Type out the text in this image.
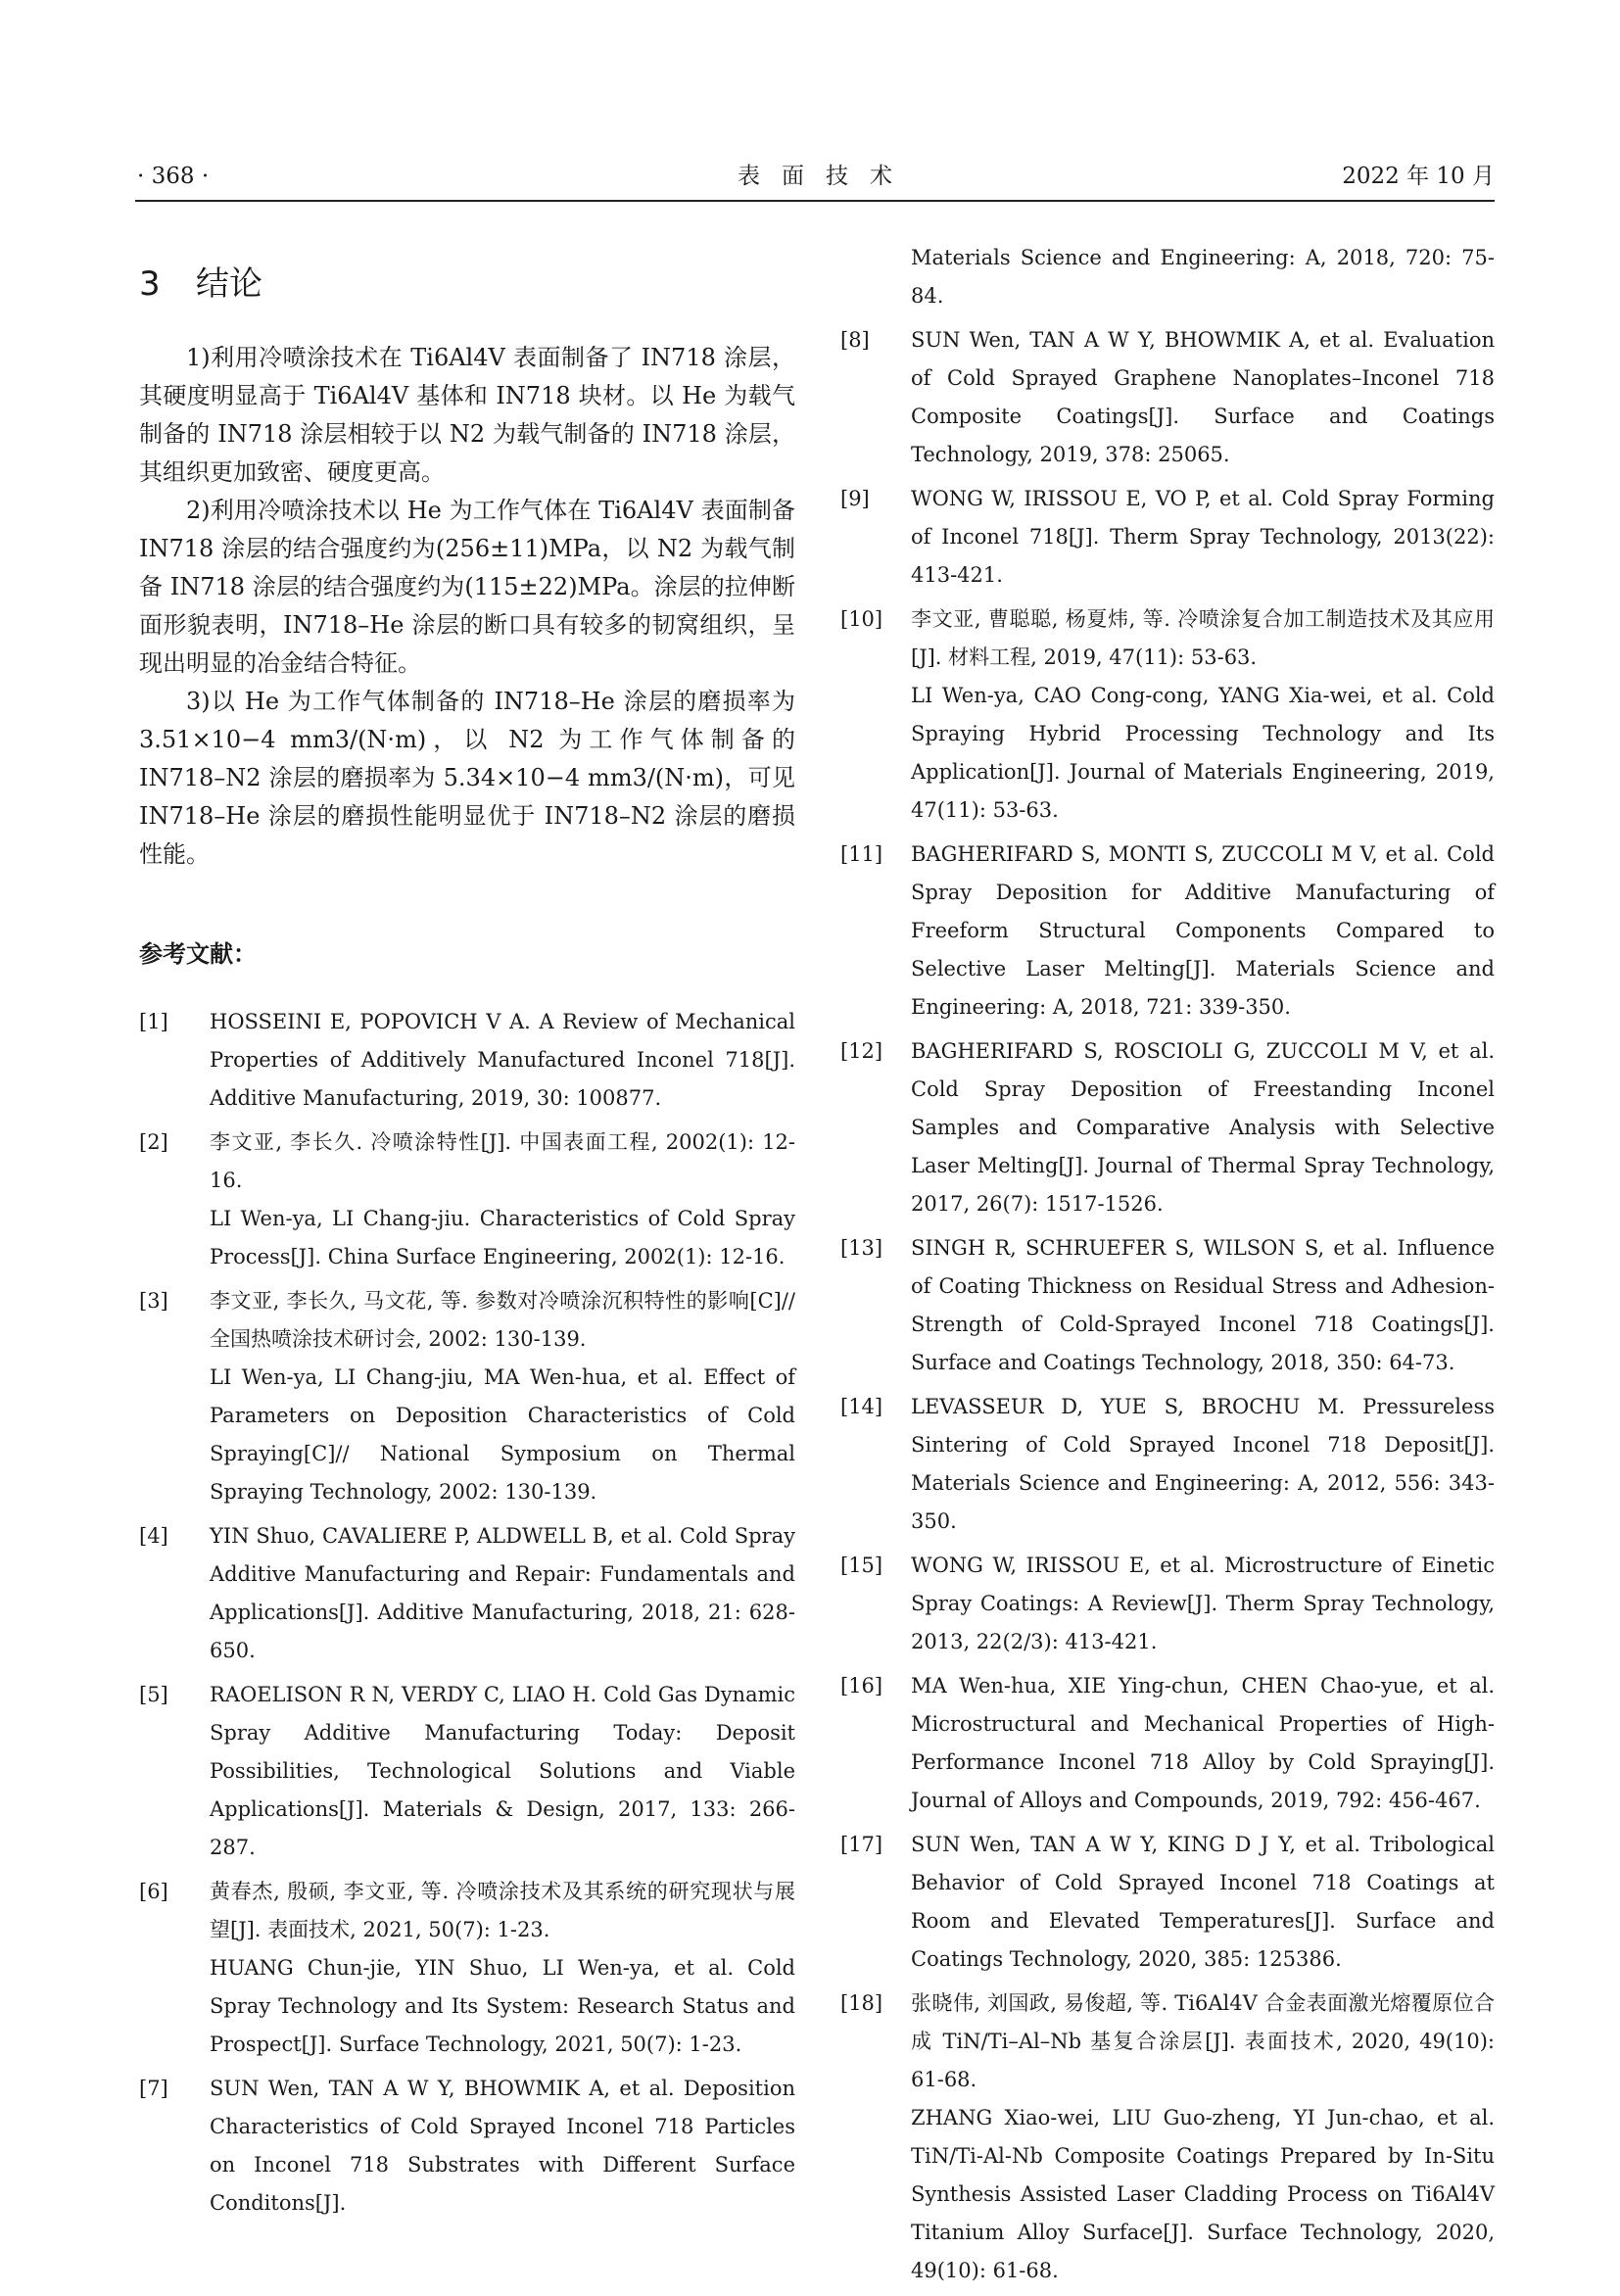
· 368 ·	表面技术	2022 年 10 月
3 结论

1)利用冷喷涂技术在 Ti6Al4V 表面制备了 IN718 涂层，其硬度明显高于 Ti6Al4V 基体和 IN718 块材。以 He 为载气制备的 IN718 涂层相较于以 N2 为载气制备的 IN718 涂层，其组织更加致密、硬度更高。

2)利用冷喷涂技术以 He 为工作气体在 Ti6Al4V 表面制备 IN718 涂层的结合强度约为(256±11)MPa，以 N2 为载气制备 IN718 涂层的结合强度约为(115±22)MPa。涂层的拉伸断面形貌表明，IN718–He 涂层的断口具有较多的韧窝组织，呈现出明显的冶金结合特征。

3)以 He 为工作气体制备的 IN718–He 涂层的磨损率为 3.51×10−4 mm3/(N·m)，以 N2 为工作气体制备的 IN718–N2 涂层的磨损率为 5.34×10−4 mm3/(N·m)，可见 IN718–He 涂层的磨损性能明显优于 IN718–N2 涂层的磨损性能。

参考文献：
[1] HOSSEINI E, POPOVICH V A. A Review of Mechanical Properties of Additively Manufactured Inconel 718[J]. Additive Manufacturing, 2019, 30: 100877.
[2] 李文亚, 李长久. 冷喷涂特性[J]. 中国表面工程, 2002(1): 12-16.
LI Wen-ya, LI Chang-jiu. Characteristics of Cold Spray Process[J]. China Surface Engineering, 2002(1): 12-16.
[3] 李文亚, 李长久, 马文花, 等. 参数对冷喷涂沉积特性的影响[C]// 全国热喷涂技术研讨会, 2002: 130-139.
LI Wen-ya, LI Chang-jiu, MA Wen-hua, et al. Effect of Parameters on Deposition Characteristics of Cold Spraying[C]// National Symposium on Thermal Spraying Technology, 2002: 130-139.
[4] YIN Shuo, CAVALIERE P, ALDWELL B, et al. Cold Spray Additive Manufacturing and Repair: Fundamentals and Applications[J]. Additive Manufacturing, 2018, 21: 628-650.
[5] RAOELISON R N, VERDY C, LIAO H. Cold Gas Dynamic Spray Additive Manufacturing Today: Deposit Possibilities, Technological Solutions and Viable Applications[J]. Materials & Design, 2017, 133: 266-287.
[6] 黄春杰, 殷硕, 李文亚, 等. 冷喷涂技术及其系统的研究现状与展望[J]. 表面技术, 2021, 50(7): 1-23.
HUANG Chun-jie, YIN Shuo, LI Wen-ya, et al. Cold Spray Technology and Its System: Research Status and Prospect[J]. Surface Technology, 2021, 50(7): 1-23.
[7] SUN Wen, TAN A W Y, BHOWMIK A, et al. Deposition Characteristics of Cold Sprayed Inconel 718 Particles on Inconel 718 Substrates with Different Surface Conditons[J].

Materials Science and Engineering: A, 2018, 720: 75-84.

[8] SUN Wen, TAN A W Y, BHOWMIK A, et al. Evaluation of Cold Sprayed Graphene Nanoplates–Inconel 718 Composite Coatings[J]. Surface and Coatings Technology, 2019, 378: 25065.
[9] WONG W, IRISSOU E, VO P, et al. Cold Spray Forming of Inconel 718[J]. Therm Spray Technology, 2013(22): 413-421.
[10] 李文亚, 曹聪聪, 杨夏炜, 等. 冷喷涂复合加工制造技术及其应用[J]. 材料工程, 2019, 47(11): 53-63.
LI Wen-ya, CAO Cong-cong, YANG Xia-wei, et al. Cold Spraying Hybrid Processing Technology and Its Application[J]. Journal of Materials Engineering, 2019, 47(11): 53-63.
[11] BAGHERIFARD S, MONTI S, ZUCCOLI M V, et al. Cold Spray Deposition for Additive Manufacturing of Freeform Structural Components Compared to Selective Laser Melting[J]. Materials Science and Engineering: A, 2018, 721: 339-350.
[12] BAGHERIFARD S, ROSCIOLI G, ZUCCOLI M V, et al. Cold Spray Deposition of Freestanding Inconel Samples and Comparative Analysis with Selective Laser Melting[J]. Journal of Thermal Spray Technology, 2017, 26(7): 1517-1526.
[13] SINGH R, SCHRUEFER S, WILSON S, et al. Influence of Coating Thickness on Residual Stress and Adhesion-Strength of Cold-Sprayed Inconel 718 Coatings[J]. Surface and Coatings Technology, 2018, 350: 64-73.
[14] LEVASSEUR D, YUE S, BROCHU M. Pressureless Sintering of Cold Sprayed Inconel 718 Deposit[J]. Materials Science and Engineering: A, 2012, 556: 343-350.
[15] WONG W, IRISSOU E, et al. Microstructure of Einetic Spray Coatings: A Review[J]. Therm Spray Technology, 2013, 22(2/3): 413-421.
[16] MA Wen-hua, XIE Ying-chun, CHEN Chao-yue, et al. Microstructural and Mechanical Properties of High-Performance Inconel 718 Alloy by Cold Spraying[J]. Journal of Alloys and Compounds, 2019, 792: 456-467.
[17] SUN Wen, TAN A W Y, KING D J Y, et al. Tribological Behavior of Cold Sprayed Inconel 718 Coatings at Room and Elevated Temperatures[J]. Surface and Coatings Technology, 2020, 385: 125386.
[18] 张晓伟, 刘国政, 易俊超, 等. Ti6Al4V 合金表面激光熔覆原位合成 TiN/Ti–Al–Nb 基复合涂层[J]. 表面技术, 2020, 49(10): 61-68.
ZHANG Xiao-wei, LIU Guo-zheng, YI Jun-chao, et al. TiN/Ti-Al-Nb Composite Coatings Prepared by In-Situ Synthesis Assisted Laser Cladding Process on Ti6Al4V Titanium Alloy Surface[J]. Surface Technology, 2020, 49(10): 61-68.
